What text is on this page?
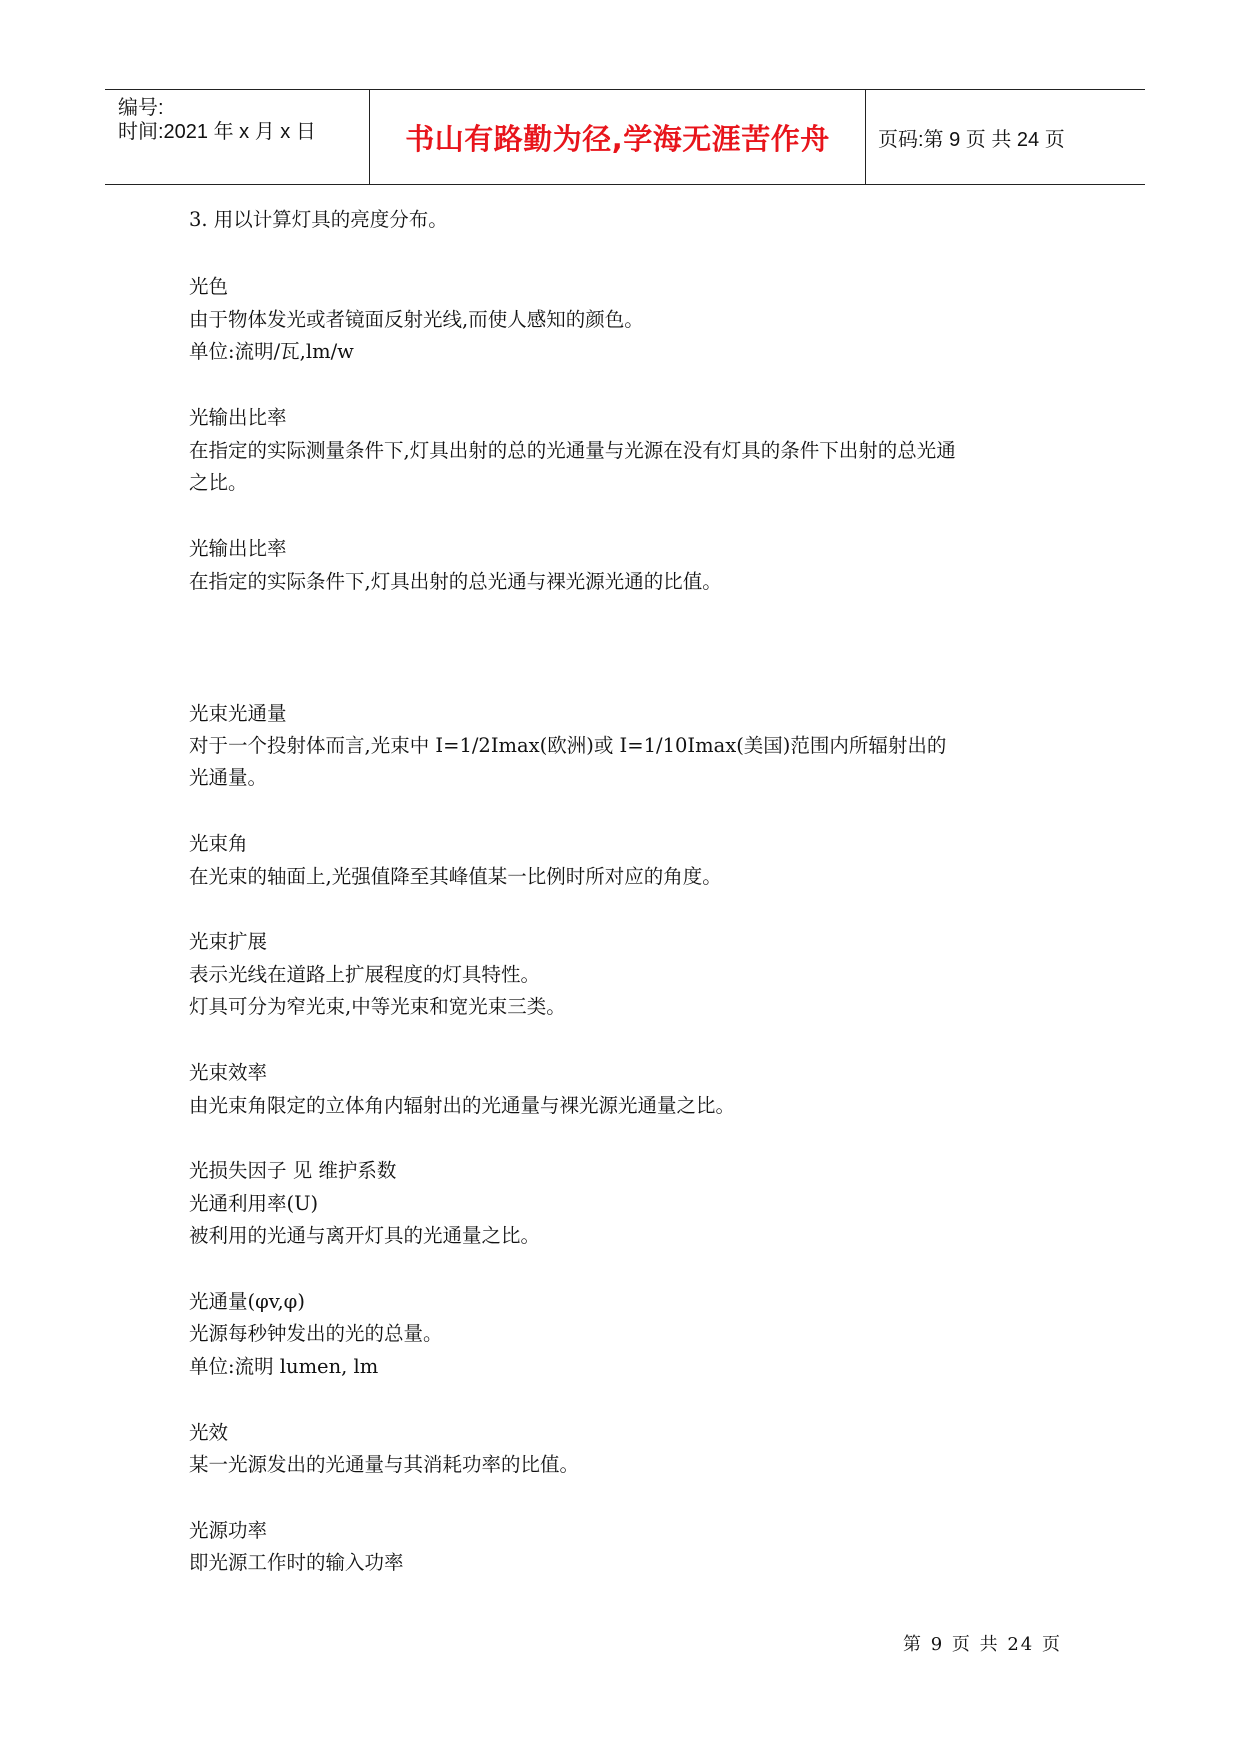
编号:
时间:2021 年 x 月 x 日	书山有路勤为径,学海无涯苦作舟 页码:第 9 页 共 24 页
3. 用以计算灯具的亮度分布。
光色
由于物体发光或者镜面反射光线,而使人感知的颜色。
单位:流明/瓦,lm/w
光输出比率
在指定的实际测量条件下,灯具出射的总的光通量与光源在没有灯具的条件下出射的总光通
之比。
光输出比率
在指定的实际条件下,灯具出射的总光通与裸光源光通的比值。
光束光通量
对于一个投射体而言,光束中 I=1/2Imax(欧洲)或 I=1/10Imax(美国)范围内所辐射出的
光通量。
光束角
在光束的轴面上,光强值降至其峰值某一比例时所对应的角度。
光束扩展
表示光线在道路上扩展程度的灯具特性。
灯具可分为窄光束,中等光束和宽光束三类。
光束效率
由光束角限定的立体角内辐射出的光通量与裸光源光通量之比。
光损失因子 见 维护系数
光通利用率(U)
被利用的光通与离开灯具的光通量之比。
光通量(φv,φ)
光源每秒钟发出的光的总量。
单位:流明 lumen, lm
光效
某一光源发出的光通量与其消耗功率的比值。
光源功率
即光源工作时的输入功率
第 9 页 共 24 页
